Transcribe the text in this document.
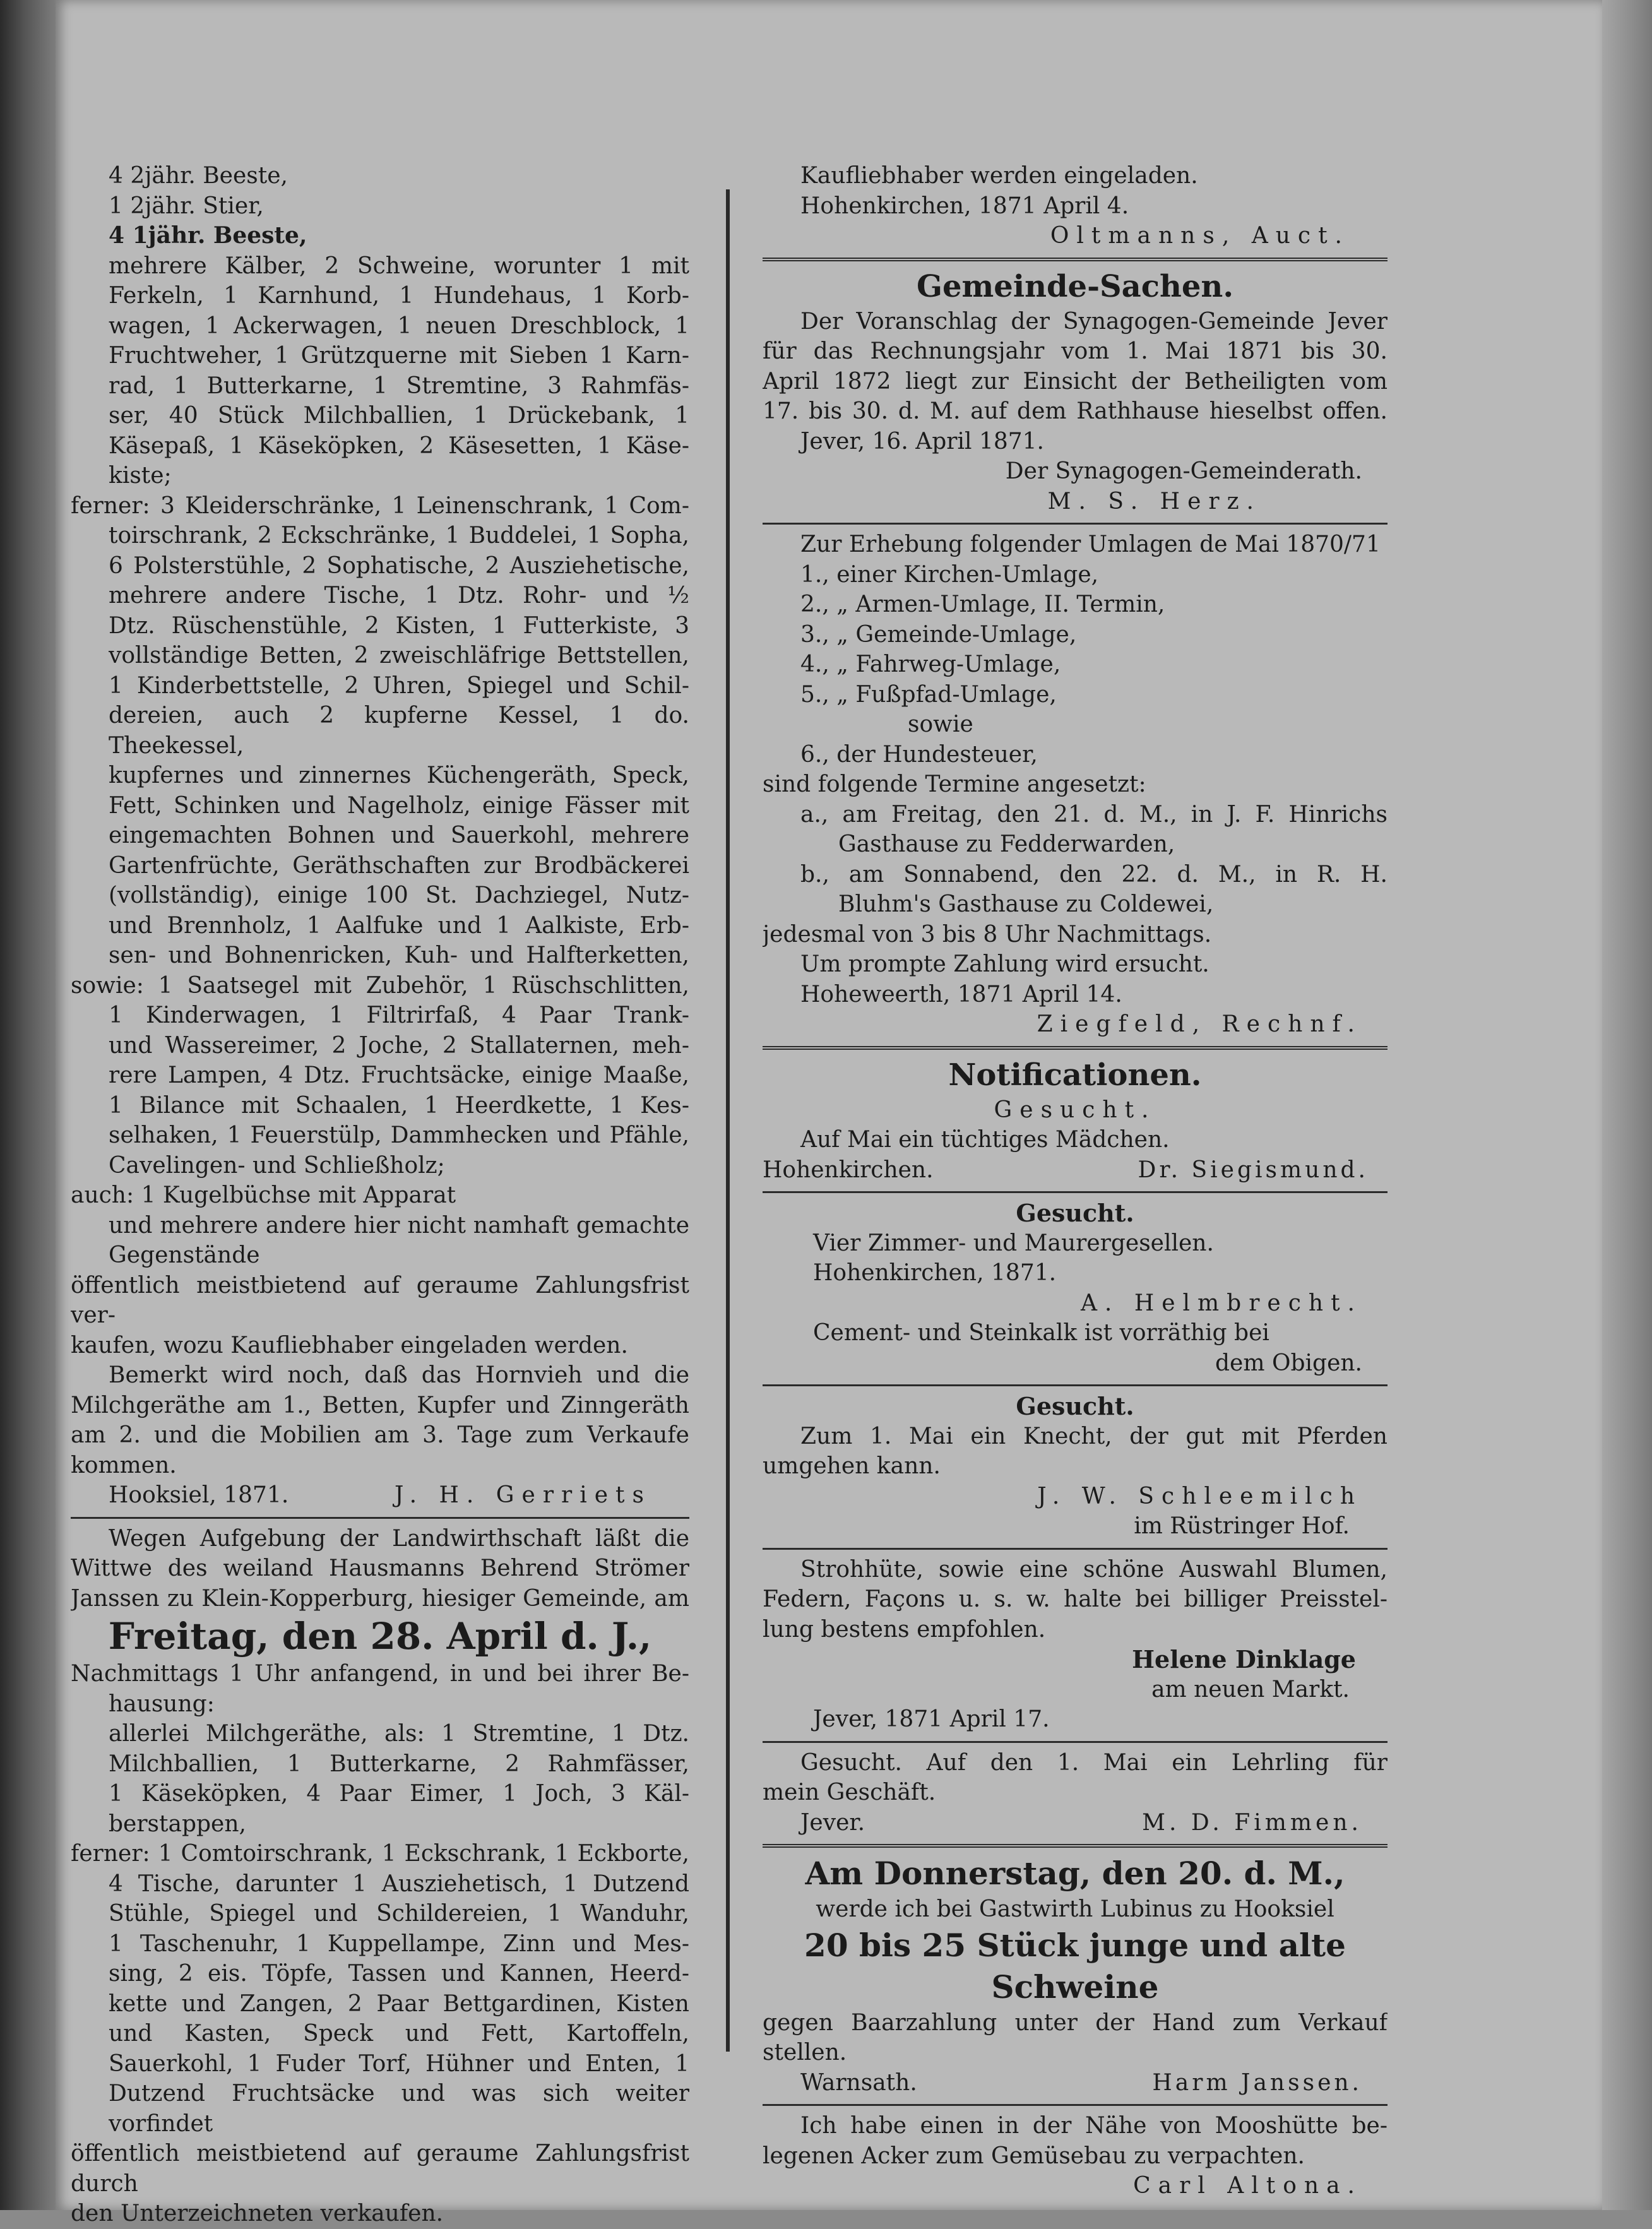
4 2jähr. Beeste,
1 2jähr. Stier,
4 1jähr. Beeste,
mehrere Kälber, 2 Schweine, worunter 1 mit
Ferkeln, 1 Karnhund, 1 Hundehaus, 1 Korb-
wagen, 1 Ackerwagen, 1 neuen Dreschblock, 1
Fruchtweher, 1 Grützquerne mit Sieben 1 Karn-
rad, 1 Butterkarne, 1 Stremtine, 3 Rahmfäs-
ser, 40 Stück Milchballien, 1 Drückebank, 1
Käsepaß, 1 Käseköpken, 2 Käsesetten, 1 Käse-
kiste;
ferner: 3 Kleiderschränke, 1 Leinenschrank, 1 Com-
toirschrank, 2 Eckschränke, 1 Buddelei, 1 Sopha,
6 Polsterstühle, 2 Sophatische, 2 Ausziehetische,
mehrere andere Tische, 1 Dtz. Rohr- und ½
Dtz. Rüschenstühle, 2 Kisten, 1 Futterkiste, 3
vollständige Betten, 2 zweischläfrige Bettstellen,
1 Kinderbettstelle, 2 Uhren, Spiegel und Schil-
dereien, auch 2 kupferne Kessel, 1 do. Theekessel,
kupfernes und zinnernes Küchengeräth, Speck,
Fett, Schinken und Nagelholz, einige Fässer mit
eingemachten Bohnen und Sauerkohl, mehrere
Gartenfrüchte, Geräthschaften zur Brodbäckerei
(vollständig), einige 100 St. Dachziegel, Nutz-
und Brennholz, 1 Aalfuke und 1 Aalkiste, Erb-
sen- und Bohnenricken, Kuh- und Halfterketten,
sowie: 1 Saatsegel mit Zubehör, 1 Rüschschlitten,
1 Kinderwagen, 1 Filtrirfaß, 4 Paar Trank-
und Wassereimer, 2 Joche, 2 Stallaternen, meh-
rere Lampen, 4 Dtz. Fruchtsäcke, einige Maaße,
1 Bilance mit Schaalen, 1 Heerdkette, 1 Kes-
selhaken, 1 Feuerstülp, Dammhecken und Pfähle,
Cavelingen- und Schließholz;
auch: 1 Kugelbüchse mit Apparat
und mehrere andere hier nicht namhaft gemachte
Gegenstände
öffentlich meistbietend auf geraume Zahlungsfrist ver-
kaufen, wozu Kaufliebhaber eingeladen werden.
Bemerkt wird noch, daß das Hornvieh und die
Milchgeräthe am 1., Betten, Kupfer und Zinngeräth
am 2. und die Mobilien am 3. Tage zum Verkaufe
kommen.
Hooksiel, 1871.	J. H. Gerriets
Wegen Aufgebung der Landwirthschaft läßt die
Wittwe des weiland Hausmanns Behrend Strömer
Janssen zu Klein-Kopperburg, hiesiger Gemeinde, am
Freitag, den 28. April d. J.,
Nachmittags 1 Uhr anfangend, in und bei ihrer Be-
hausung:
allerlei Milchgeräthe, als: 1 Stremtine, 1 Dtz.
Milchballien, 1 Butterkarne, 2 Rahmfässer,
1 Käseköpken, 4 Paar Eimer, 1 Joch, 3 Käl-
berstappen,
ferner: 1 Comtoirschrank, 1 Eckschrank, 1 Eckborte,
4 Tische, darunter 1 Ausziehetisch, 1 Dutzend
Stühle, Spiegel und Schildereien, 1 Wanduhr,
1 Taschenuhr, 1 Kuppellampe, Zinn und Mes-
sing, 2 eis. Töpfe, Tassen und Kannen, Heerd-
kette und Zangen, 2 Paar Bettgardinen, Kisten
und Kasten, Speck und Fett, Kartoffeln,
Sauerkohl, 1 Fuder Torf, Hühner und Enten, 1
Dutzend Fruchtsäcke und was sich weiter vorfindet
öffentlich meistbietend auf geraume Zahlungsfrist durch
den Unterzeichneten verkaufen.
Kaufliebhaber werden eingeladen.
Hohenkirchen, 1871 April 4.
Oltmanns, Auct.
Gemeinde-Sachen.
Der Voranschlag der Synagogen-Gemeinde Jever
für das Rechnungsjahr vom 1. Mai 1871 bis 30.
April 1872 liegt zur Einsicht der Betheiligten vom
17. bis 30. d. M. auf dem Rathhause hieselbst offen.
Jever, 16. April 1871.
Der Synagogen-Gemeinderath.
M. S. Herz.
Zur Erhebung folgender Umlagen de Mai 1870/71
1., einer Kirchen-Umlage,
2., „ Armen-Umlage, II. Termin,
3., „ Gemeinde-Umlage,
4., „ Fahrweg-Umlage,
5., „ Fußpfad-Umlage,
sowie
6., der Hundesteuer,
sind folgende Termine angesetzt:
a., am Freitag, den 21. d. M., in J. F. Hinrichs
Gasthause zu Fedderwarden,
b., am Sonnabend, den 22. d. M., in R. H.
Bluhm's Gasthause zu Coldewei,
jedesmal von 3 bis 8 Uhr Nachmittags.
Um prompte Zahlung wird ersucht.
Hoheweerth, 1871 April 14.
Ziegfeld, Rechnf.
Notificationen.
Gesucht.
Auf Mai ein tüchtiges Mädchen.
Hohenkirchen.	Dr. Siegismund.
Gesucht.
Vier Zimmer- und Maurergesellen.
Hohenkirchen, 1871.
A. Helmbrecht.
Cement- und Steinkalk ist vorräthig bei
dem Obigen.
Gesucht.
Zum 1. Mai ein Knecht, der gut mit Pferden
umgehen kann.
J. W. Schleemilch
im Rüstringer Hof.
Strohhüte, sowie eine schöne Auswahl Blumen,
Federn, Façons u. s. w. halte bei billiger Preisstel-
lung bestens empfohlen.
Helene Dinklage
am neuen Markt.
Jever, 1871 April 17.
Gesucht. Auf den 1. Mai ein Lehrling für
mein Geschäft.
Jever.	M. D. Fimmen.
Am Donnerstag, den 20. d. M.,
werde ich bei Gastwirth Lubinus zu Hooksiel
20 bis 25 Stück junge und alte
Schweine
gegen Baarzahlung unter der Hand zum Verkauf
stellen.
Warnsath.	Harm Janssen.
Ich habe einen in der Nähe von Mooshütte be-
legenen Acker zum Gemüsebau zu verpachten.
Carl Altona.
